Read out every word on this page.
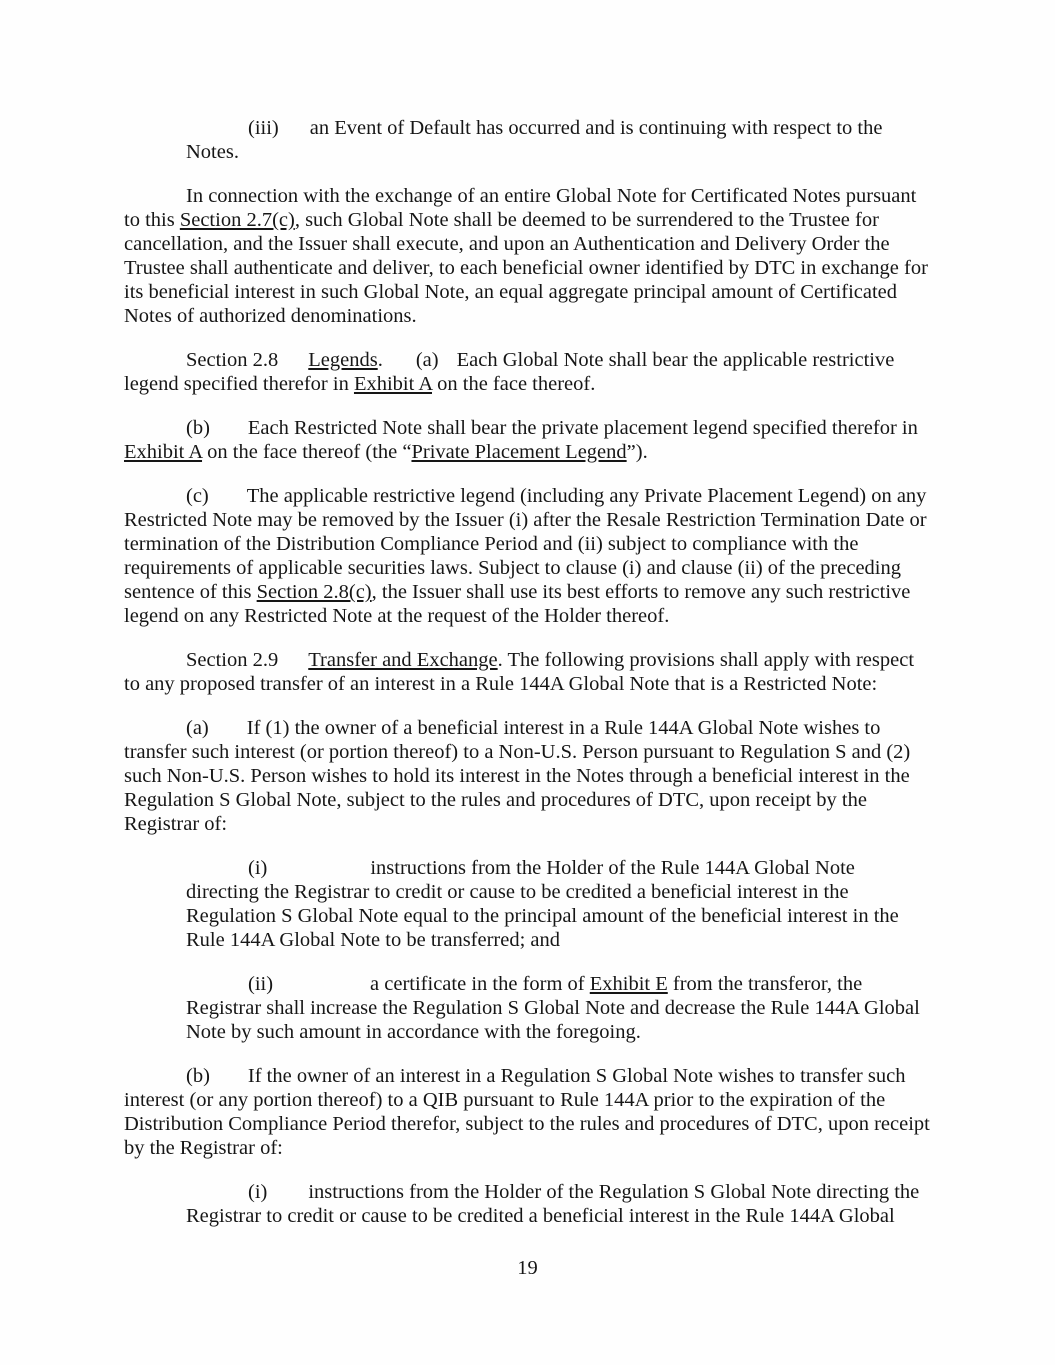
(iii) an Event of Default has occurred and is continuing with respect to the Notes.

In connection with the exchange of an entire Global Note for Certificated Notes pursuant to this Section 2.7(c), such Global Note shall be deemed to be surrendered to the Trustee for cancellation, and the Issuer shall execute, and upon an Authentication and Delivery Order the Trustee shall authenticate and deliver, to each beneficial owner identified by DTC in exchange for its beneficial interest in such Global Note, an equal aggregate principal amount of Certificated Notes of authorized denominations.

Section 2.8 Legends. (a) Each Global Note shall bear the applicable restrictive legend specified therefor in Exhibit A on the face thereof.

(b) Each Restricted Note shall bear the private placement legend specified therefor in Exhibit A on the face thereof (the “Private Placement Legend”).

(c) The applicable restrictive legend (including any Private Placement Legend) on any Restricted Note may be removed by the Issuer (i) after the Resale Restriction Termination Date or termination of the Distribution Compliance Period and (ii) subject to compliance with the requirements of applicable securities laws. Subject to clause (i) and clause (ii) of the preceding sentence of this Section 2.8(c), the Issuer shall use its best efforts to remove any such restrictive legend on any Restricted Note at the request of the Holder thereof.

Section 2.9 Transfer and Exchange. The following provisions shall apply with respect to any proposed transfer of an interest in a Rule 144A Global Note that is a Restricted Note:

(a) If (1) the owner of a beneficial interest in a Rule 144A Global Note wishes to transfer such interest (or portion thereof) to a Non-U.S. Person pursuant to Regulation S and (2) such Non-U.S. Person wishes to hold its interest in the Notes through a beneficial interest in the Regulation S Global Note, subject to the rules and procedures of DTC, upon receipt by the Registrar of:

(i)	instructions from the Holder of the Rule 144A Global Note directing the Registrar to credit or cause to be credited a beneficial interest in the Regulation S Global Note equal to the principal amount of the beneficial interest in the Rule 144A Global Note to be transferred; and

(ii)	a certificate in the form of Exhibit E from the transferor, the Registrar shall increase the Regulation S Global Note and decrease the Rule 144A Global Note by such amount in accordance with the foregoing.

(b) If the owner of an interest in a Regulation S Global Note wishes to transfer such interest (or any portion thereof) to a QIB pursuant to Rule 144A prior to the expiration of the Distribution Compliance Period therefor, subject to the rules and procedures of DTC, upon receipt by the Registrar of:

(i) instructions from the Holder of the Regulation S Global Note directing the Registrar to credit or cause to be credited a beneficial interest in the Rule 144A Global

19
